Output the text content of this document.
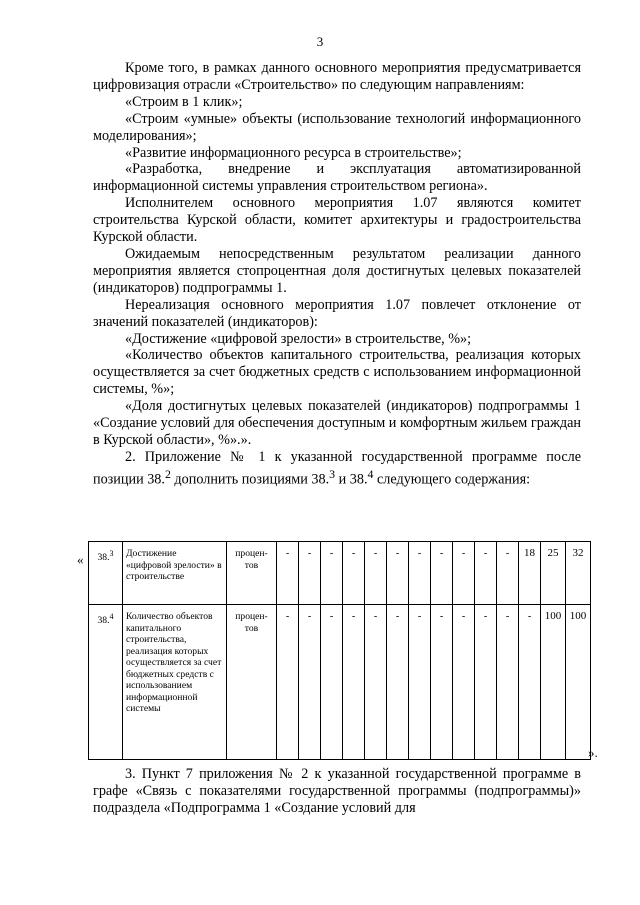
3

Кроме того, в рамках данного основного мероприятия предусматривается цифровизация отрасли «Строительство» по следующим направлениям:

«Строим в 1 клик»;

«Строим «умные» объекты (использование технологий информационного моделирования»;

«Развитие информационного ресурса в строительстве»;

«Разработка, внедрение и эксплуатация автоматизированной информационной системы управления строительством региона».

Исполнителем основного мероприятия 1.07 являются комитет строительства Курской области, комитет архитектуры и градостроительства Курской области.

Ожидаемым непосредственным результатом реализации данного мероприятия является стопроцентная доля достигнутых целевых показателей (индикаторов) подпрограммы 1.

Нереализация основного мероприятия 1.07 повлечет отклонение от значений показателей (индикаторов):

«Достижение «цифровой зрелости» в строительстве, %»;

«Количество объектов капитального строительства, реализация которых осуществляется за счет бюджетных средств с использованием информационной системы, %»;

«Доля достигнутых целевых показателей (индикаторов) подпрограммы 1 «Создание условий для обеспечения доступным и комфортным жильем граждан в Курской области», %».».

2. Приложение № 1 к указанной государственной программе после позиции 38.$^2$ дополнить позициями 38.$^3$ и 38.$^4$ следующего содержания:

« 38.$^3$	Достижение «цифровой зрелости» в строительстве	процен-тов	-	-	-	-	-	-	-	-	-	-	-	18	25	32
38.$^4$	Количество объектов капитального строительства, реализация которых осуществляется за счет бюджетных средств с использованием информационной системы	процен-тов	-	-	-	-	-	-	-	-	-	-	-	-	100	100
».

3. Пункт 7 приложения № 2 к указанной государственной программе в графе «Связь с показателями государственной программы (подпрограммы)» подраздела «Подпрограмма 1 «Создание условий для
